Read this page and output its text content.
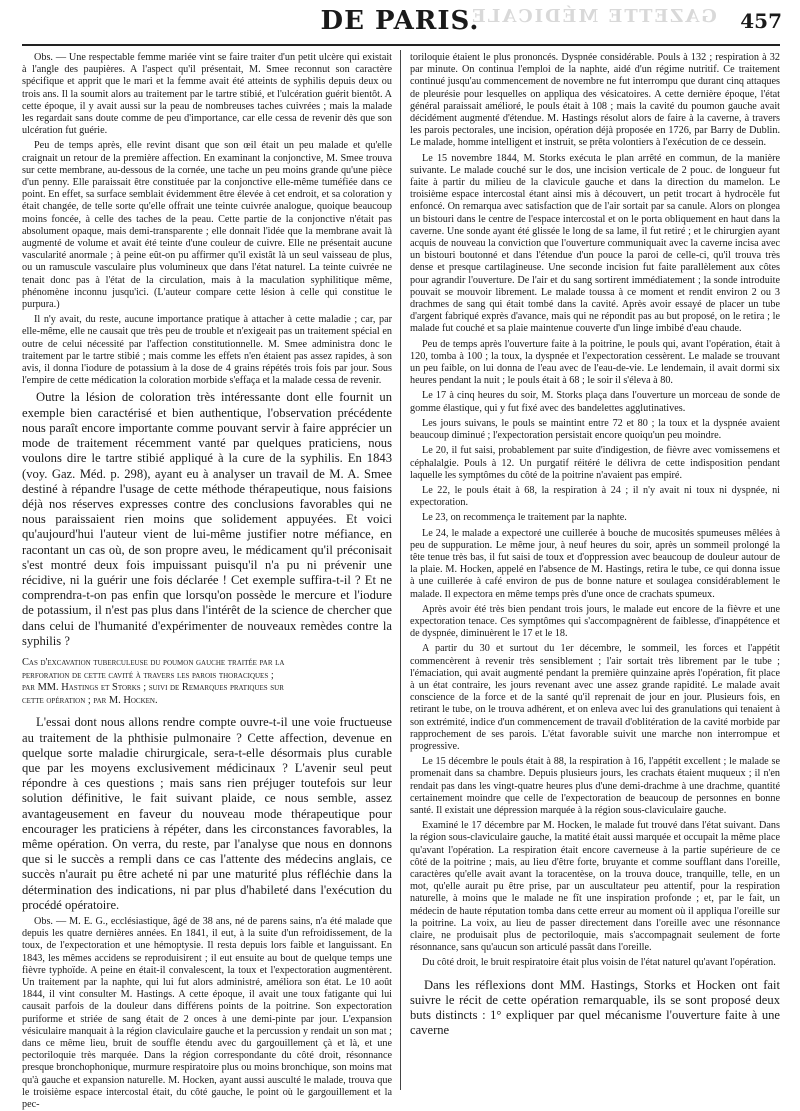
GAZETTE MÉDICALE
DE PARIS.	457

Obs. — Une respectable femme mariée vint se faire traiter d'un petit ulcère qui existait à l'angle des paupières. A l'aspect qu'il présentait, M. Smee reconnut son caractère spécifique et apprit que le mari et la femme avait été atteints de syphilis depuis deux ou trois ans. Il la soumit alors au traitement par le tartre stibié, et l'ulcération guérit bientôt. A cette époque, il y avait aussi sur la peau de nombreuses taches cuivrées ; mais la malade les regardait sans doute comme de peu d'importance, car elle cessa de revenir dès que son ulcération fut guérie.

Peu de temps après, elle revint disant que son œil était un peu malade et qu'elle craignait un retour de la première affection. En examinant la conjonctive, M. Smee trouva sur cette membrane, au-dessous de la cornée, une tache un peu moins grande qu'une pièce d'un penny. Elle paraissait être constituée par la conjonctive elle-même tuméfiée dans ce point. En effet, sa surface semblait évidemment être élevée à cet endroit, et sa coloration y était changée, de telle sorte qu'elle offrait une teinte cuivrée analogue, quoique beaucoup moins foncée, à celle des taches de la peau. Cette partie de la conjonctive n'était pas absolument opaque, mais demi-transparente ; elle donnait l'idée que la membrane avait là augmenté de volume et avait été teinte d'une couleur de cuivre. Elle ne présentait aucune vascularité anormale ; à peine eût-on pu affirmer qu'il existât là un seul vaisseau de plus, ou un ramuscule vasculaire plus volumineux que dans l'état naturel. La teinte cuivrée ne tenait donc pas à l'état de la circulation, mais à la maculation syphilitique même, phénomène inconnu jusqu'ici. (L'auteur compare cette lésion à celle qui constitue le purpura.)

Il n'y avait, du reste, aucune importance pratique à attacher à cette maladie ; car, par elle-même, elle ne causait que très peu de trouble et n'exigeait pas un traitement spécial en outre de celui nécessité par l'affection constitutionnelle. M. Smee administra donc le traitement par le tartre stibié ; mais comme les effets n'en étaient pas assez rapides, à son avis, il donna l'iodure de potassium à la dose de 4 grains répétés trois fois par jour. Sous l'empire de cette médication la coloration morbide s'effaça et la malade cessa de revenir.

Outre la lésion de coloration très intéressante dont elle fournit un exemple bien caractérisé et bien authentique, l'observation précédente nous paraît encore importante comme pouvant servir à faire apprécier un mode de traitement récemment vanté par quelques praticiens, nous voulons dire le tartre stibié appliqué à la cure de la syphilis. En 1843 (voy. Gaz. Méd. p. 298), ayant eu à analyser un travail de M. A. Smee destiné à répandre l'usage de cette méthode thérapeutique, nous faisions déjà nos réserves expresses contre des conclusions favorables qui ne nous paraissaient rien moins que solidement appuyées. Et voici qu'aujourd'hui l'auteur vient de lui-même justifier notre méfiance, en racontant un cas où, de son propre aveu, le médicament qu'il préconisait s'est montré deux fois impuissant puisqu'il n'a pu ni prévenir une récidive, ni la guérir une fois déclarée ! Cet exemple suffira-t-il ? Et ne comprendra-t-on pas enfin que lorsqu'on possède le mercure et l'iodure de potassium, il n'est pas plus dans l'intérêt de la science de chercher que dans celui de l'humanité d'expérimenter de nouveaux remèdes contre la syphilis ?

Cas d'excavation tuberculeuse du poumon gauche traitée par la
perforation de cette cavité à travers les parois thoraciques ;
par MM. Hastings et Storks ; suivi de Remarques pratiques sur
cette opération ; par M. Hocken.

L'essai dont nous allons rendre compte ouvre-t-il une voie fructueuse au traitement de la phthisie pulmonaire ? Cette affection, devenue en quelque sorte maladie chirurgicale, sera-t-elle désormais plus curable que par les moyens exclusivement médicinaux ? L'avenir seul peut répondre à ces questions ; mais sans rien préjuger toutefois sur leur solution définitive, le fait suivant plaide, ce nous semble, assez avantageusement en faveur du nouveau mode thérapeutique pour encourager les praticiens à répéter, dans les circonstances favorables, la même opération. On verra, du reste, par l'analyse que nous en donnons que si le succès a rempli dans ce cas l'attente des médecins anglais, ce succès n'aurait pu être acheté ni par une maturité plus réfléchie dans la détermination des indications, ni par plus d'habileté dans l'exécution du procédé opératoire.

Obs. — M. E. G., ecclésiastique, âgé de 38 ans, né de parens sains, n'a été malade que depuis les quatre dernières années. En 1841, il eut, à la suite d'un refroidissement, de la toux, de l'expectoration et une hémoptysie. Il resta depuis lors faible et languissant. En 1843, les mêmes accidens se reproduisirent ; il eut ensuite au bout de quelque temps une fièvre typhoïde. A peine en était-il convalescent, la toux et l'expectoration augmentèrent. Un traitement par la naphte, qui lui fut alors administré, améliora son état. Le 10 août 1844, il vint consulter M. Hastings. A cette époque, il avait une toux fatigante qui lui causait parfois de la douleur dans différens points de la poitrine. Son expectoration puriforme et striée de sang était de 2 onces à une demi-pinte par jour. L'expansion vésiculaire manquait à la région claviculaire gauche et la percussion y rendait un son mat ; dans ce même lieu, bruit de souffle étendu avec du gargouillement çà et là, et une pectoriloquie très marquée. Dans la région correspondante du côté droit, résonnance presque bronchophonique, murmure respiratoire plus ou moins bronchique, son moins mat qu'à gauche et expansion naturelle. M. Hocken, ayant aussi ausculté le malade, trouva que le troisième espace intercostal était, du côté gauche, le point où le gargouillement et la pec-

toriloquie étaient le plus prononcés. Dyspnée considérable. Pouls à 132 ; respiration à 32 par minute. On continua l'emploi de la naphte, aidé d'un régime nutritif. Ce traitement continué jusqu'au commencement de novembre ne fut interrompu que durant cinq attaques de pleurésie pour lesquelles on appliqua des vésicatoires. A cette dernière époque, l'état général paraissait amélioré, le pouls était à 108 ; mais la cavité du poumon gauche avait décidément augmenté d'étendue. M. Hastings résolut alors de faire à la caverne, à travers les parois pectorales, une incision, opération déjà proposée en 1726, par Barry de Dublin. Le malade, homme intelligent et instruit, se prêta volontiers à l'exécution de ce dessein.

Le 15 novembre 1844, M. Storks exécuta le plan arrêté en commun, de la manière suivante. Le malade couché sur le dos, une incision verticale de 2 pouc. de longueur fut faite à partir du milieu de la clavicule gauche et dans la direction du mamelon. Le troisième espace intercostal étant ainsi mis à découvert, un petit trocart à hydrocèle fut enfoncé. On remarqua avec satisfaction que de l'air sortait par sa canule. Alors on plongea un bistouri dans le centre de l'espace intercostal et on le porta obliquement en haut dans la caverne. Une sonde ayant été glissée le long de sa lame, il fut retiré ; et le chirurgien ayant acquis de nouveau la conviction que l'ouverture communiquait avec la caverne incisa avec un bistouri boutonné et dans l'étendue d'un pouce la paroi de celle-ci, qu'il trouva très dense et presque cartilagineuse. Une seconde incision fut faite parallèlement aux côtes pour agrandir l'ouverture. De l'air et du sang sortirent immédiatement ; la sonde introduite pouvait se mouvoir librement. Le malade toussa à ce moment et rendit environ 2 ou 3 drachmes de sang qui était tombé dans la cavité. Après avoir essayé de placer un tube d'argent fabriqué exprès d'avance, mais qui ne répondit pas au but proposé, on le retira ; le malade fut couché et sa plaie maintenue couverte d'un linge imbibé d'eau chaude.

Peu de temps après l'ouverture faite à la poitrine, le pouls qui, avant l'opération, était à 120, tomba à 100 ; la toux, la dyspnée et l'expectoration cessèrent. Le malade se trouvant un peu faible, on lui donna de l'eau avec de l'eau-de-vie. Le lendemain, il avait dormi six heures pendant la nuit ; le pouls était à 68 ; le soir il s'éleva à 80.

Le 17 à cinq heures du soir, M. Storks plaça dans l'ouverture un morceau de sonde de gomme élastique, qui y fut fixé avec des bandelettes agglutinatives.

Les jours suivans, le pouls se maintint entre 72 et 80 ; la toux et la dyspnée avaient beaucoup diminué ; l'expectoration persistait encore quoiqu'un peu moindre.

Le 20, il fut saisi, probablement par suite d'indigestion, de fièvre avec vomissemens et céphalalgie. Pouls à 12. Un purgatif réitéré le délivra de cette indisposition pendant laquelle les symptômes du côté de la poitrine n'avaient pas empiré.

Le 22, le pouls était à 68, la respiration à 24 ; il n'y avait ni toux ni dyspnée, ni expectoration.

Le 23, on recommença le traitement par la naphte.

Le 24, le malade a expectoré une cuillerée à bouche de mucosités spumeuses mêlées à peu de suppuration. Le même jour, à neuf heures du soir, après un sommeil prolongé la tête tenue très bas, il fut saisi de toux et d'oppression avec beaucoup de douleur autour de la plaie. M. Hocken, appelé en l'absence de M. Hastings, retira le tube, ce qui donna issue à une cuillerée à café environ de pus de bonne nature et soulagea considérablement le malade. Il expectora en même temps près d'une once de crachats spumeux.

Après avoir été très bien pendant trois jours, le malade eut encore de la fièvre et une expectoration tenace. Ces symptômes qui s'accompagnèrent de faiblesse, d'inappétence et de dyspnée, diminuèrent le 17 et le 18.

A partir du 30 et surtout du 1er décembre, le sommeil, les forces et l'appétit commencèrent à revenir très sensiblement ; l'air sortait très librement par le tube ; l'émaciation, qui avait augmenté pendant la première quinzaine après l'opération, fit place à un état contraire, les jours revenant avec une assez grande rapidité. Le malade avait conscience de la force et de la santé qu'il reprenait de jour en jour. Plusieurs fois, en retirant le tube, on le trouva adhérent, et on enleva avec lui des granulations qui tenaient à son extrémité, indice d'un commencement de travail d'oblitération de la cavité morbide par rapprochement de ses parois. L'état favorable suivit une marche non interrompue et progressive.

Le 15 décembre le pouls était à 88, la respiration à 16, l'appétit excellent ; le malade se promenait dans sa chambre. Depuis plusieurs jours, les crachats étaient muqueux ; il n'en rendait pas dans les vingt-quatre heures plus d'une demi-drachme à une drachme, quantité certainement moindre que celle de l'expectoration de beaucoup de personnes en bonne santé. Il existait une dépression marquée à la région sous-claviculaire gauche.

Examiné le 17 décembre par M. Hocken, le malade fut trouvé dans l'état suivant. Dans la région sous-claviculaire gauche, la matité était aussi marquée et occupait la même place qu'avant l'opération. La respiration était encore caverneuse à la partie supérieure de ce côté de la poitrine ; mais, au lieu d'être forte, bruyante et comme soufflant dans l'oreille, caractères qu'elle avait avant la toracentèse, on la trouva douce, tranquille, telle, en un mot, qu'elle aurait pu être prise, par un auscultateur peu attentif, pour la respiration naturelle, à moins que le malade ne fît une inspiration profonde ; et, par le fait, un médecin de haute réputation tomba dans cette erreur au moment où il appliqua l'oreille sur la poitrine. La voix, au lieu de passer directement dans l'oreille avec une résonnance claire, ne produisait plus de pectoriloquie, mais s'accompagnait seulement de forte résonnance, sans qu'aucun son articulé passât dans l'oreille.

Du côté droit, le bruit respiratoire était plus voisin de l'état naturel qu'avant l'opération.

Dans les réflexions dont MM. Hastings, Storks et Hocken ont fait suivre le récit de cette opération remarquable, ils se sont proposé deux buts distincts : 1° expliquer par quel mécanisme l'ouverture faite à une caverne
